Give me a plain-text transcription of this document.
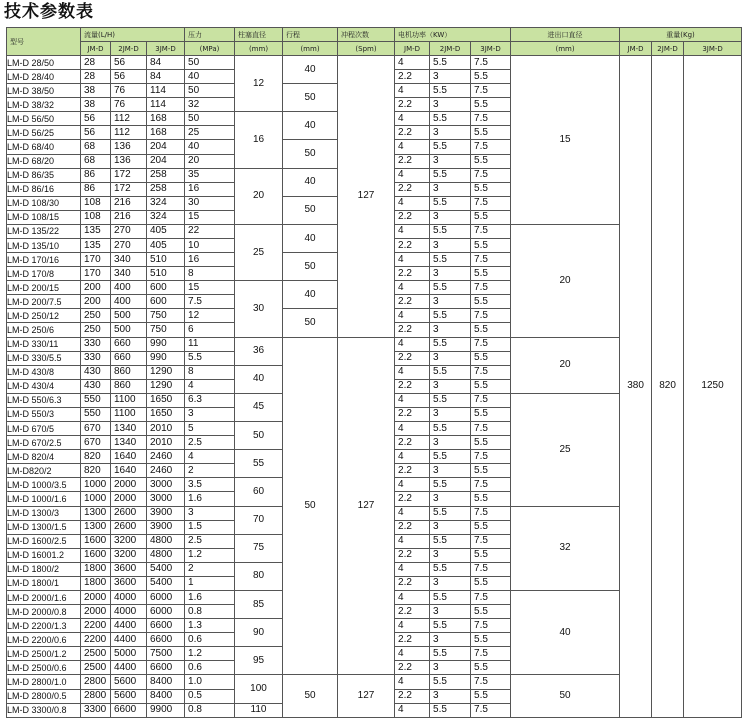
技术参数表
型号	流量(L/H)			压力	柱塞直径	行程	冲程次数	电机功率（KW）			进出口直径	重量(Kg)		
	JM-D	2JM-D	3JM-D	(MPa)	(mm)	(mm)	(Spm)	JM-D	2JM-D	3JM-D	(mm)	JM-D	2JM-D	3JM-D
LM-D 28/50	28	56	84	50	12	40	127	4	5.5	7.5	15	380	820	1250
LM-D 28/40	28	56	84	40				2.2	3	5.5				
LM-D 38/50	38	76	114	50		50		4	5.5	7.5				
LM-D 38/32	38	76	114	32				2.2	3	5.5				
LM-D 56/50	56	112	168	50	16	40		4	5.5	7.5				
LM-D 56/25	56	112	168	25				2.2	3	5.5				
LM-D 68/40	68	136	204	40		50		4	5.5	7.5				
LM-D 68/20	68	136	204	20				2.2	3	5.5				
LM-D 86/35	86	172	258	35	20	40		4	5.5	7.5				
LM-D 86/16	86	172	258	16				2.2	3	5.5				
LM-D 108/30	108	216	324	30		50		4	5.5	7.5				
LM-D 108/15	108	216	324	15				2.2	3	5.5				
LM-D 135/22	135	270	405	22	25	40		4	5.5	7.5	20			
LM-D 135/10	135	270	405	10				2.2	3	5.5				
LM-D 170/16	170	340	510	16		50		4	5.5	7.5				
LM-D 170/8	170	340	510	8				2.2	3	5.5				
LM-D 200/15	200	400	600	15	30	40		4	5.5	7.5				
LM-D 200/7.5	200	400	600	7.5				2.2	3	5.5				
LM-D 250/12	250	500	750	12		50		4	5.5	7.5				
LM-D 250/6	250	500	750	6				2.2	3	5.5				
LM-D 330/11	330	660	990	11	36	50	127	4	5.5	7.5	20			
LM-D 330/5.5	330	660	990	5.5				2.2	3	5.5				
LM-D 430/8	430	860	1290	8	40			4	5.5	7.5				
LM-D 430/4	430	860	1290	4				2.2	3	5.5				
LM-D 550/6.3	550	1100	1650	6.3	45			4	5.5	7.5	25			
LM-D 550/3	550	1100	1650	3				2.2	3	5.5				
LM-D 670/5	670	1340	2010	5	50			4	5.5	7.5				
LM-D 670/2.5	670	1340	2010	2.5				2.2	3	5.5				
LM-D 820/4	820	1640	2460	4	55			4	5.5	7.5				
LM-D820/2	820	1640	2460	2				2.2	3	5.5				
LM-D 1000/3.5	1000	2000	3000	3.5	60			4	5.5	7.5				
LM-D 1000/1.6	1000	2000	3000	1.6				2.2	3	5.5				
LM-D 1300/3	1300	2600	3900	3	70			4	5.5	7.5	32			
LM-D 1300/1.5	1300	2600	3900	1.5				2.2	3	5.5				
LM-D 1600/2.5	1600	3200	4800	2.5	75			4	5.5	7.5				
LM-D 16001.2	1600	3200	4800	1.2				2.2	3	5.5				
LM-D 1800/2	1800	3600	5400	2	80			4	5.5	7.5				
LM-D 1800/1	1800	3600	5400	1				2.2	3	5.5				
LM-D 2000/1.6	2000	4000	6000	1.6	85			4	5.5	7.5	40			
LM-D 2000/0.8	2000	4000	6000	0.8				2.2	3	5.5				
LM-D 2200/1.3	2200	4400	6600	1.3	90			4	5.5	7.5				
LM-D 2200/0.6	2200	4400	6600	0.6				2.2	3	5.5				
LM-D 2500/1.2	2500	5000	7500	1.2	95			4	5.5	7.5				
LM-D 2500/0.6	2500	4400	6600	0.6				2.2	3	5.5				
LM-D 2800/1.0	2800	5600	8400	1.0	100	50	127	4	5.5	7.5	50			
LM-D 2800/0.5	2800	5600	8400	0.5				2.2	3	5.5				
LM-D 3300/0.8	3300	6600	9900	0.8	110			4	5.5	7.5				
